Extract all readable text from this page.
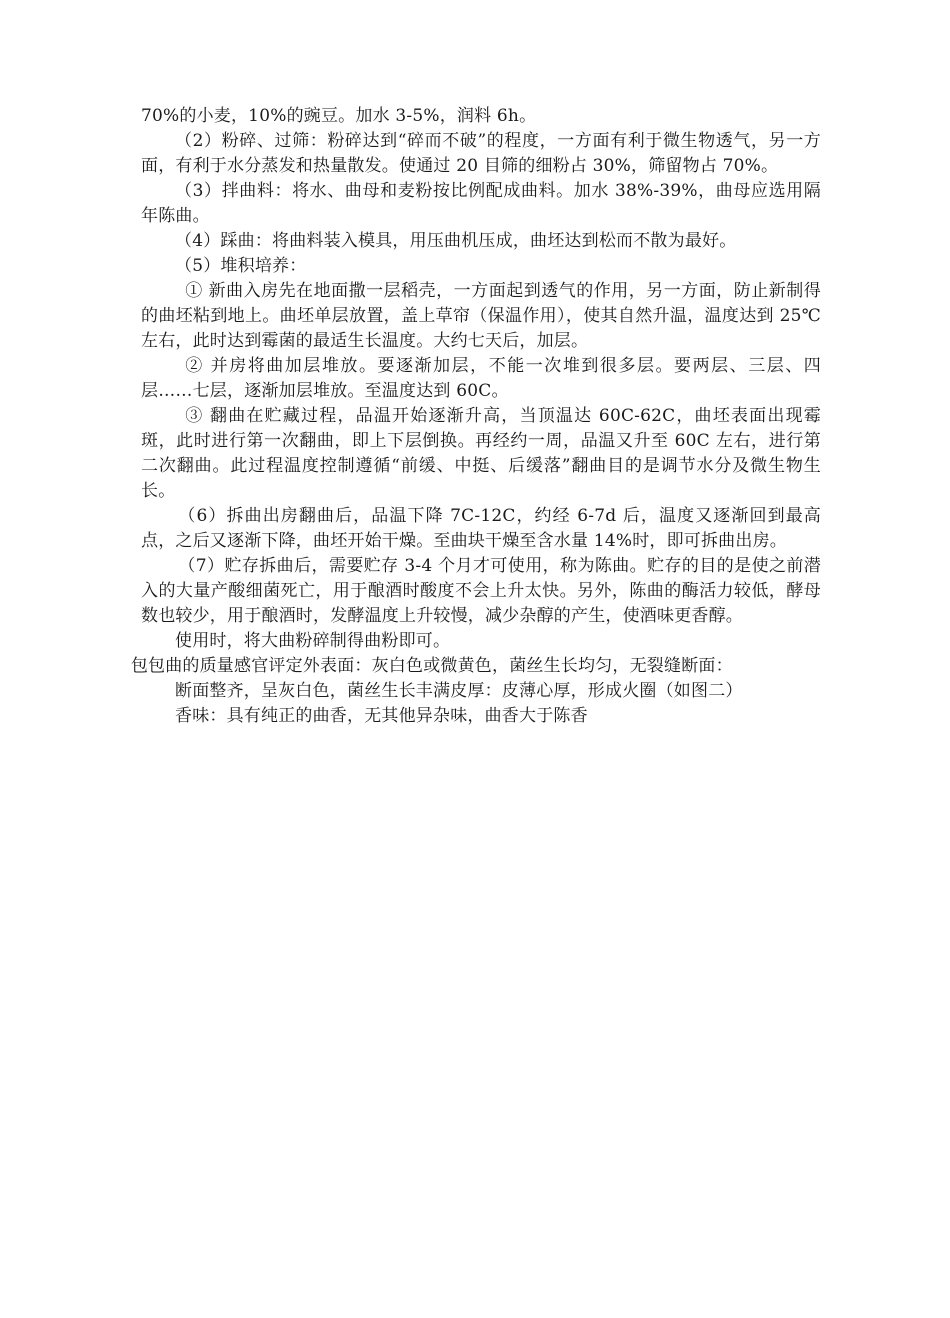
70%的小麦，10%的豌豆。加水 3-5%，润料 6h。

（2）粉碎、过筛：粉碎达到“碎而不破”的程度，一方面有利于微生物透气，另一方面，有利于水分蒸发和热量散发。使通过 20 目筛的细粉占 30%，筛留物占 70%。

（3）拌曲料：将水、曲母和麦粉按比例配成曲料。加水 38%-39%，曲母应选用隔年陈曲。

（4）踩曲：将曲料装入模具，用压曲机压成，曲坯达到松而不散为最好。

（5）堆积培养：

① 新曲入房先在地面撒一层稻壳，一方面起到透气的作用，另一方面，防止新制得的曲坯粘到地上。曲坯单层放置，盖上草帘（保温作用），使其自然升温，温度达到 25℃ 左右，此时达到霉菌的最适生长温度。大约七天后，加层。

② 并房将曲加层堆放。要逐渐加层，不能一次堆到很多层。要两层、三层、四层……七层，逐渐加层堆放。至温度达到 60C。

③ 翻曲在贮藏过程，品温开始逐渐升高，当顶温达 60C-62C，曲坯表面出现霉斑，此时进行第一次翻曲，即上下层倒换。再经约一周，品温又升至 60C 左右，进行第二次翻曲。此过程温度控制遵循“前缓、中挺、后缓落”翻曲目的是调节水分及微生物生长。

（6）拆曲出房翻曲后，品温下降 7C-12C，约经 6-7d 后，温度又逐渐回到最高点，之后又逐渐下降，曲坯开始干燥。至曲块干燥至含水量 14%时，即可拆曲出房。

（7）贮存拆曲后，需要贮存 3-4 个月才可使用，称为陈曲。贮存的目的是使之前潜入的大量产酸细菌死亡，用于酿酒时酸度不会上升太快。另外，陈曲的酶活力较低，酵母数也较少，用于酿酒时，发酵温度上升较慢，减少杂醇的产生，使酒味更香醇。

使用时，将大曲粉碎制得曲粉即可。

包包曲的质量感官评定外表面：灰白色或微黄色，菌丝生长均匀，无裂缝断面：

断面整齐，呈灰白色，菌丝生长丰满皮厚：皮薄心厚，形成火圈（如图二）

香味：具有纯正的曲香，无其他异杂味，曲香大于陈香
